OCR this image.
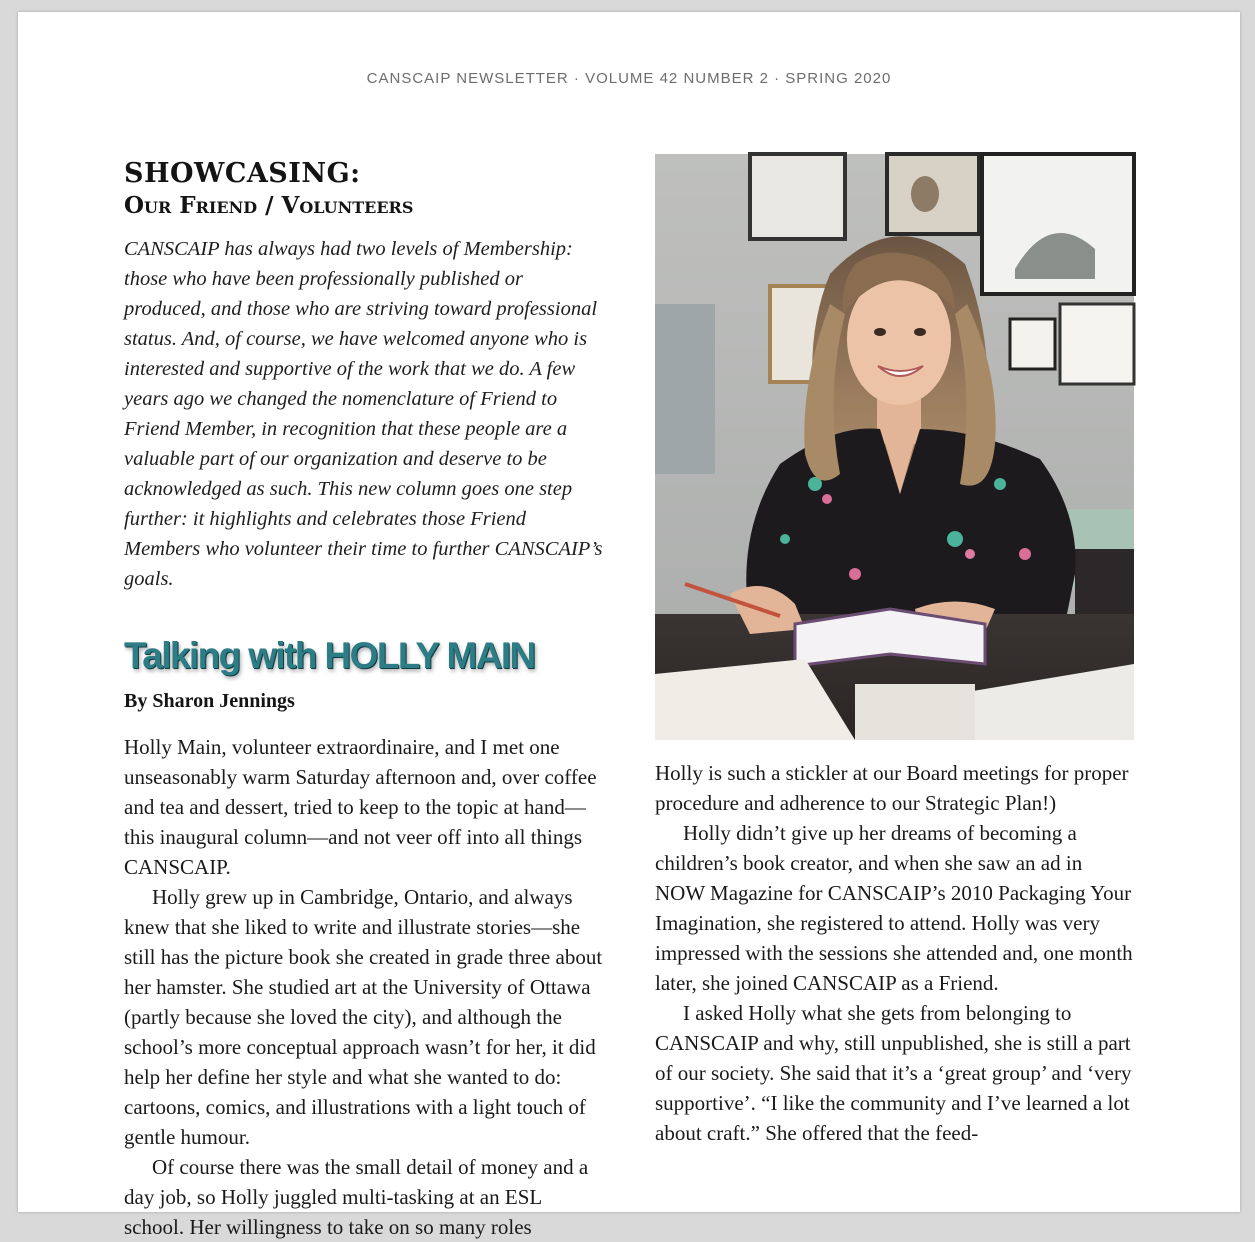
CANSCAIP NEWSLETTER · VOLUME 42 NUMBER 2 · SPRING 2020
SHOWCASING:
Our Friend / Volunteers

CANSCAIP has always had two levels of Membership: those who have been professionally published or produced, and those who are striving toward professional status. And, of course, we have welcomed anyone who is interested and supportive of the work that we do. A few years ago we changed the nomenclature of Friend to Friend Member, in recognition that these people are a valuable part of our organization and deserve to be acknowledged as such. This new column goes one step further: it highlights and celebrates those Friend Members who volunteer their time to further CANSCAIP’s goals.

Talking with HOLLY MAIN

By Sharon Jennings

Holly Main, volunteer extraordinaire, and I met one unseasonably warm Saturday afternoon and, over coffee and tea and dessert, tried to keep to the topic at hand—this inaugural column—and not veer off into all things CANSCAIP.

Holly grew up in Cambridge, Ontario, and always knew that she liked to write and illustrate stories—she still has the picture book she created in grade three about her hamster. She studied art at the University of Ottawa (partly because she loved the city), and although the school’s more conceptual approach wasn’t for her, it did help her define her style and what she wanted to do: cartoons, comics, and illustrations with a light touch of gentle humour.

Of course there was the small detail of money and a day job, so Holly juggled multi-tasking at an ESL school. Her willingness to take on so many roles

Holly is such a stickler at our Board meetings for proper procedure and adherence to our Strategic Plan!)

Holly didn’t give up her dreams of becoming a children’s book creator, and when she saw an ad in NOW Magazine for CANSCAIP’s 2010 Packaging Your Imagination, she registered to attend. Holly was very impressed with the sessions she attended and, one month later, she joined CANSCAIP as a Friend.

I asked Holly what she gets from belonging to CANSCAIP and why, still unpublished, she is still a part of our society. She said that it’s a ‘great group’ and ‘very supportive’. “I like the community and I’ve learned a lot about craft.” She offered that the feed-
